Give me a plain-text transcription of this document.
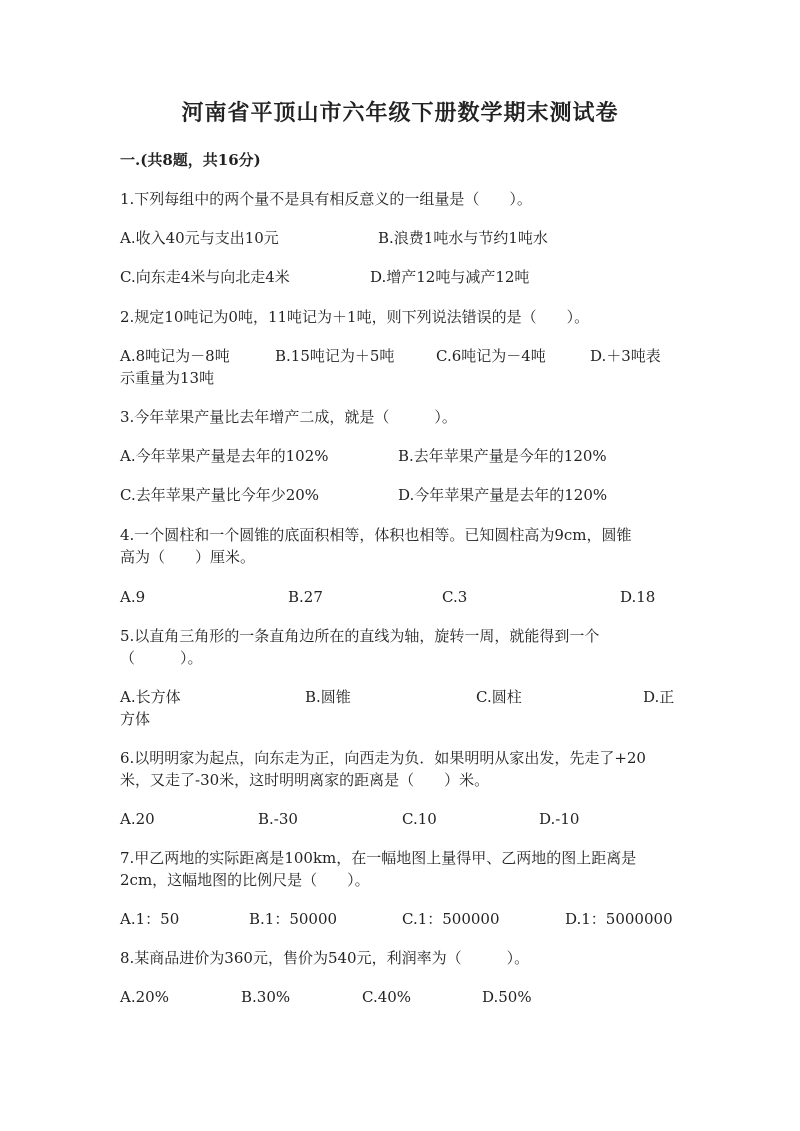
河南省平顶山市六年级下册数学期末测试卷
一.(共8题，共16分)
1.下列每组中的两个量不是具有相反意义的一组量是（　　）。
A.收入40元与支出10元	B.浪费1吨水与节约1吨水
C.向东走4米与向北走4米	D.增产12吨与减产12吨
2.规定10吨记为0吨，11吨记为＋1吨，则下列说法错误的是（　　）。
A.8吨记为－8吨	B.15吨记为＋5吨	C.6吨记为－4吨	D.＋3吨表
示重量为13吨
3.今年苹果产量比去年增产二成，就是（　　　）。
A.今年苹果产量是去年的102%	B.去年苹果产量是今年的120%
C.去年苹果产量比今年少20%	D.今年苹果产量是去年的120%
4.一个圆柱和一个圆锥的底面积相等，体积也相等。已知圆柱高为9cm，圆锥
高为（　　）厘米。
A.9	B.27	C.3	D.18
5.以直角三角形的一条直角边所在的直线为轴，旋转一周，就能得到一个
（　　　）。
A.长方体	B.圆锥	C.圆柱	D.正
方体
6.以明明家为起点，向东走为正，向西走为负．如果明明从家出发，先走了+20
米，又走了-30米，这时明明离家的距离是（　　）米。
A.20	B.-30	C.10	D.-10
7.甲乙两地的实际距离是100km，在一幅地图上量得甲、乙两地的图上距离是
2cm，这幅地图的比例尺是（　　）。
A.1：50	B.1：50000	C.1：500000	D.1：5000000
8.某商品进价为360元，售价为540元，利润率为（　　　）。
A.20%	B.30%	C.40%	D.50%
